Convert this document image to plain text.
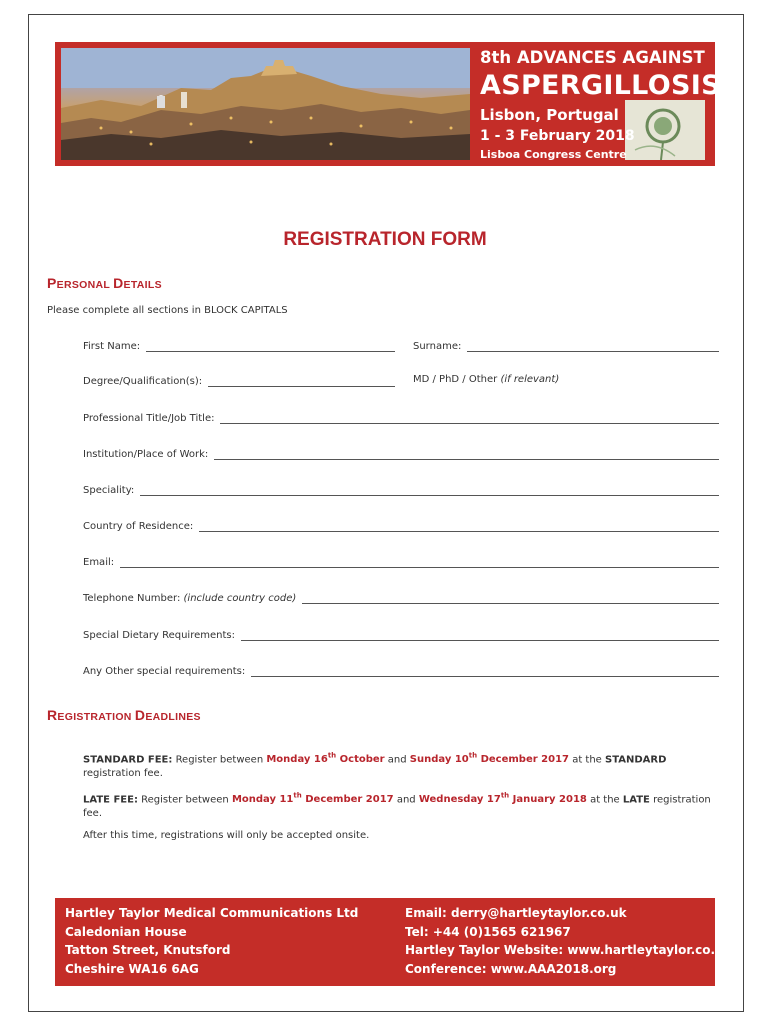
8th ADVANCES AGAINST
ASPERGILLOSIS
Lisbon, Portugal
1 - 3 February 2018
Lisboa Congress Centre
REGISTRATION FORM
PERSONAL DETAILS
Please complete all sections in BLOCK CAPITALS
First Name:	Surname:
Degree/Qualification(s):	MD / PhD / Other (if relevant)
Professional Title/Job Title:
Institution/Place of Work:
Speciality:
Country of Residence:
Email:
Telephone Number: (include country code)
Special Dietary Requirements:
Any Other special requirements:
REGISTRATION DEADLINES
STANDARD FEE: Register between Monday 16th October and Sunday 10th December 2017 at the STANDARD registration fee.
LATE FEE: Register between Monday 11th December 2017 and Wednesday 17th January 2018 at the LATE registration fee.
After this time, registrations will only be accepted onsite.
Hartley Taylor Medical Communications Ltd
Caledonian House
Tatton Street, Knutsford
Cheshire WA16 6AG
Email: derry@hartleytaylor.co.uk
Tel: +44 (0)1565 621967
Hartley Taylor Website: www.hartleytaylor.co.uk
Conference: www.AAA2018.org
